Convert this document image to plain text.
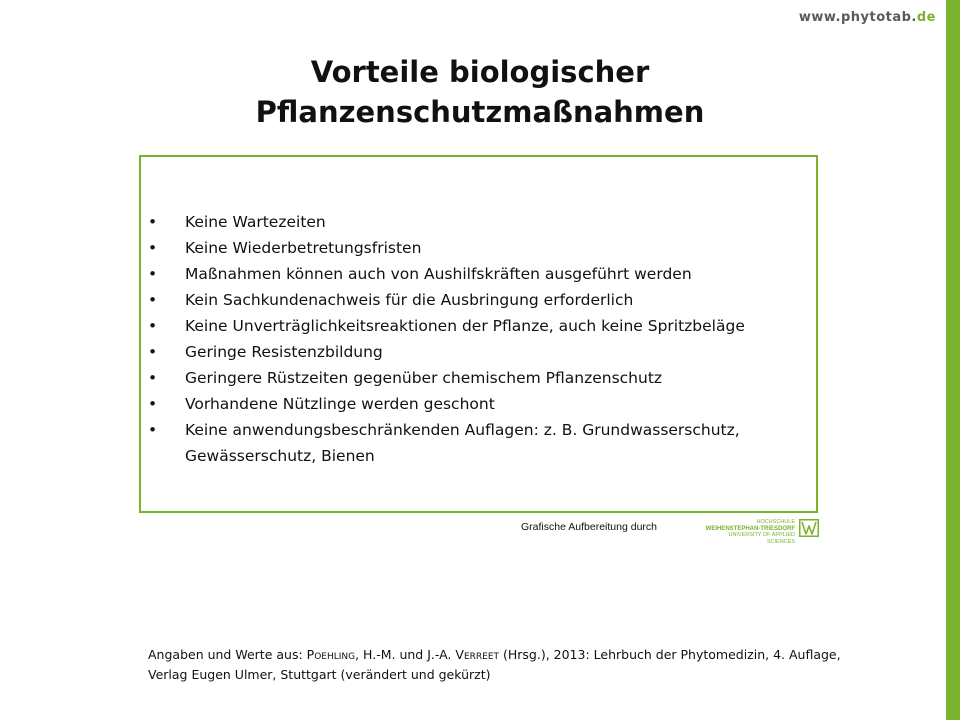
www.phytotab.de
Vorteile biologischer
Pflanzenschutzmaßnahmen
• Keine Wartezeiten
• Keine Wiederbetretungsfristen
• Maßnahmen können auch von Aushilfskräften ausgeführt werden
• Kein Sachkundenachweis für die Ausbringung erforderlich
• Keine Unverträglichkeitsreaktionen der Pflanze, auch keine Spritzbeläge
• Geringe Resistenzbildung
• Geringere Rüstzeiten gegenüber chemischem Pflanzenschutz
• Vorhandene Nützlinge werden geschont
• Keine anwendungsbeschränkenden Auflagen: z. B. Grundwasserschutz, Gewässerschutz, Bienen
Grafische Aufbereitung durch	HOCHSCHULE
WEIHENSTEPHAN-TRIESDORF
UNIVERSITY OF APPLIED SCIENCES
Angaben und Werte aus: Poehling, H.-M. und J.-A. Verreet (Hrsg.), 2013: Lehrbuch der Phytomedizin, 4. Auflage, Verlag Eugen Ulmer, Stuttgart (verändert und gekürzt)
